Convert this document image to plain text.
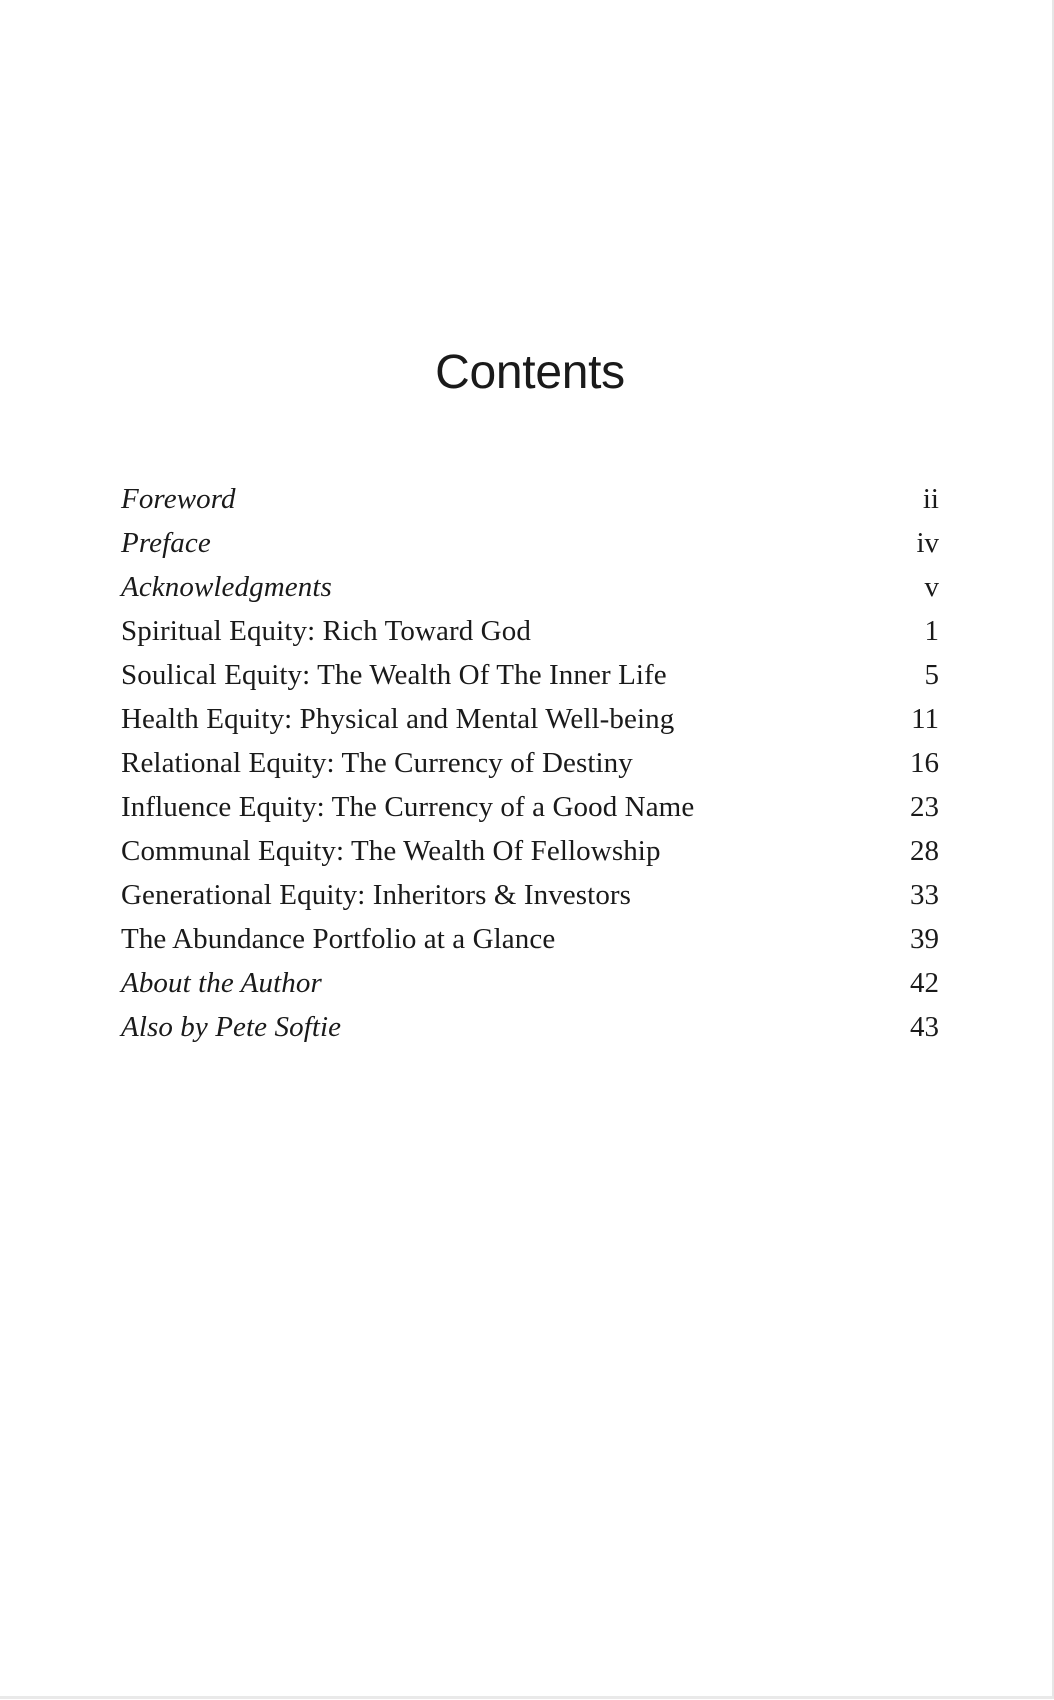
Contents
Foreword	ii
Preface	iv
Acknowledgments	v
Spiritual Equity: Rich Toward God	1
Soulical Equity: The Wealth Of The Inner Life	5
Health Equity: Physical and Mental Well-being	11
Relational Equity: The Currency of Destiny	16
Influence Equity: The Currency of a Good Name	23
Communal Equity: The Wealth Of Fellowship	28
Generational Equity: Inheritors & Investors	33
The Abundance Portfolio at a Glance	39
About the Author	42
Also by Pete Softie	43
